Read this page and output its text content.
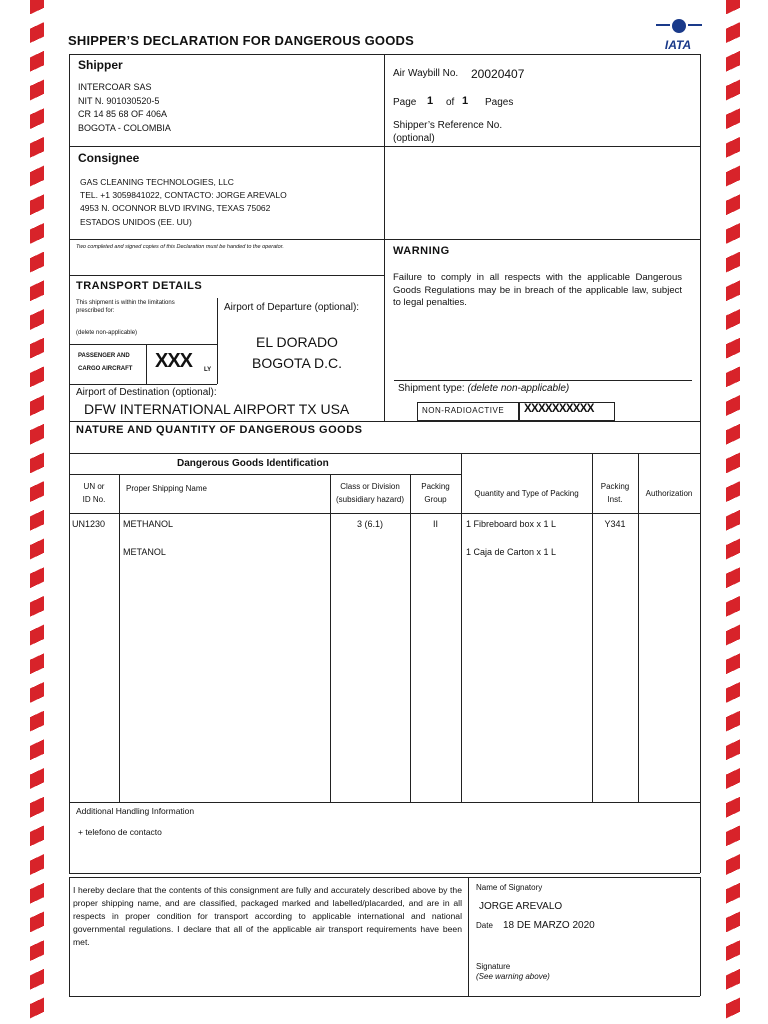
SHIPPER’S DECLARATION FOR DANGEROUS GOODS	IATA
Shipper
INTERCOAR SAS
NIT N. 901030520-5
CR 14 85 68 OF 406A
BOGOTA - COLOMBIA
Air Waybill No. 20020407
Page 1 of 1 Pages
Shipper’s Reference No.
(optional)
Consignee
GAS CLEANING TECHNOLOGIES, LLC
TEL. +1 3059841022, CONTACTO: JORGE AREVALO
4953 N. OCONNOR BLVD IRVING, TEXAS 75062
ESTADOS UNIDOS (EE. UU)
Two completed and signed copies of this Declaration must be handed to the operator.	WARNING
Failure to comply in all respects with the applicable Dangerous Goods Regulations may be in breach of the applicable law, subject to legal penalties.
TRANSPORT DETAILS
This shipment is within the limitations
prescribed for:
(delete non-applicable)
PASSENGER AND
CARGO AIRCRAFT	LY
XXX
Airport of Departure (optional):
EL DORADO
BOGOTA D.C.
Airport of Destination (optional):
DFW INTERNATIONAL AIRPORT TX USA
Shipment type: (delete non-applicable)
NON-RADIOACTIVE XXXXXXXXXX
NATURE AND QUANTITY OF DANGEROUS GOODS
Dangerous Goods Identification
UN or
ID No.
Proper Shipping Name	Class or Division
(subsidiary hazard)
Packing
Group
Quantity and Type of Packing
Packing
Inst.
Authorization
UN1230 METHANOL	3 (6.1)	II	1 Fibreboard box x 1 L	Y341
METANOL	1 Caja de Carton x 1 L
Additional Handling Information
+ telefono de contacto
I hereby declare that the contents of this consignment are fully and accurately described above by the proper shipping name, and are classified, packaged marked and labelled/placarded, and are in all respects in proper condition for transport according to applicable international and national governmental regulations. I declare that all of the applicable air transport requirements have been met.
Name of Signatory
JORGE AREVALO
Date 18 DE MARZO 2020
Signature
(See warning above)
